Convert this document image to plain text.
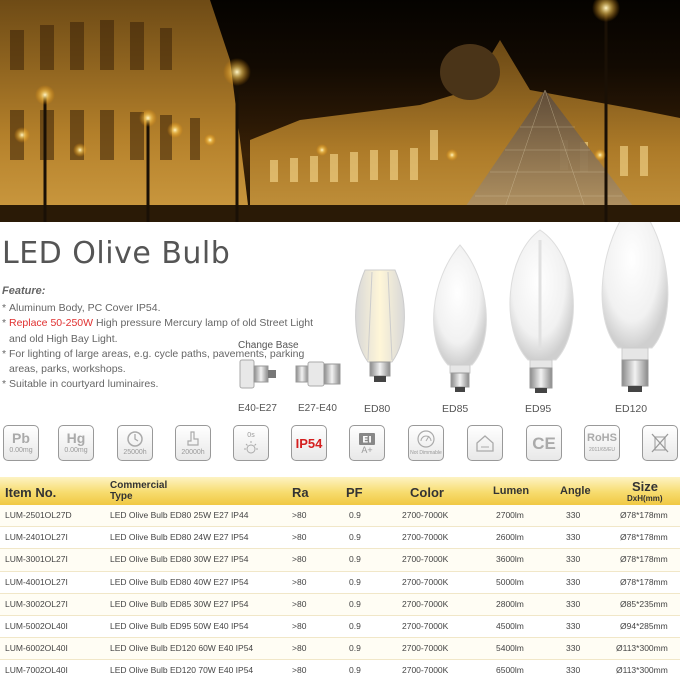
LED Olive Bulb
Feature:
* Aluminum Body, PC Cover IP54.
* Replace 50-250W High pressure Mercury lamp of old Street Light and old High Bay Light.
* For lighting of large areas, e.g. cycle paths, pavements, parking areas, parks, workshops.
* Suitable in courtyard luminaires.
Change Base
E40-E27 E27-E40	ED80	ED85	ED95	ED120
Pb
0.00mg
Hg
0.00mg	25000h	20000h
0s
IP54	EI
A+	Not Dimmable	CE	RoHS
2011/65/EU
Item No.	Commercial
Type	Ra	PF	Color	Lumen	Angle	Size
DxH(mm)
LUM-2501OL27D	LED Olive Bulb ED80 25W E27 IP44	>80	0.9	2700-7000K	2700lm	330	Ø78*178mm
LUM-2401OL27I	LED Olive Bulb ED80 24W E27 IP54	>80	0.9	2700-7000K	2600lm	330	Ø78*178mm
LUM-3001OL27I	LED Olive Bulb ED80 30W E27 IP54	>80	0.9	2700-7000K	3600lm	330	Ø78*178mm
LUM-4001OL27I	LED Olive Bulb ED80 40W E27 IP54	>80	0.9	2700-7000K	5000lm	330	Ø78*178mm
LUM-3002OL27I	LED Olive Bulb ED85 30W E27 IP54	>80	0.9	2700-7000K	2800lm	330	Ø85*235mm
LUM-5002OL40I	LED Olive Bulb ED95 50W E40 IP54	>80	0.9	2700-7000K	4500lm	330	Ø94*285mm
LUM-6002OL40I	LED Olive Bulb ED120 60W E40 IP54	>80	0.9	2700-7000K	5400lm	330	Ø113*300mm
LUM-7002OL40I	LED Olive Bulb ED120 70W E40 IP54	>80	0.9	2700-7000K	6500lm	330	Ø113*300mm
